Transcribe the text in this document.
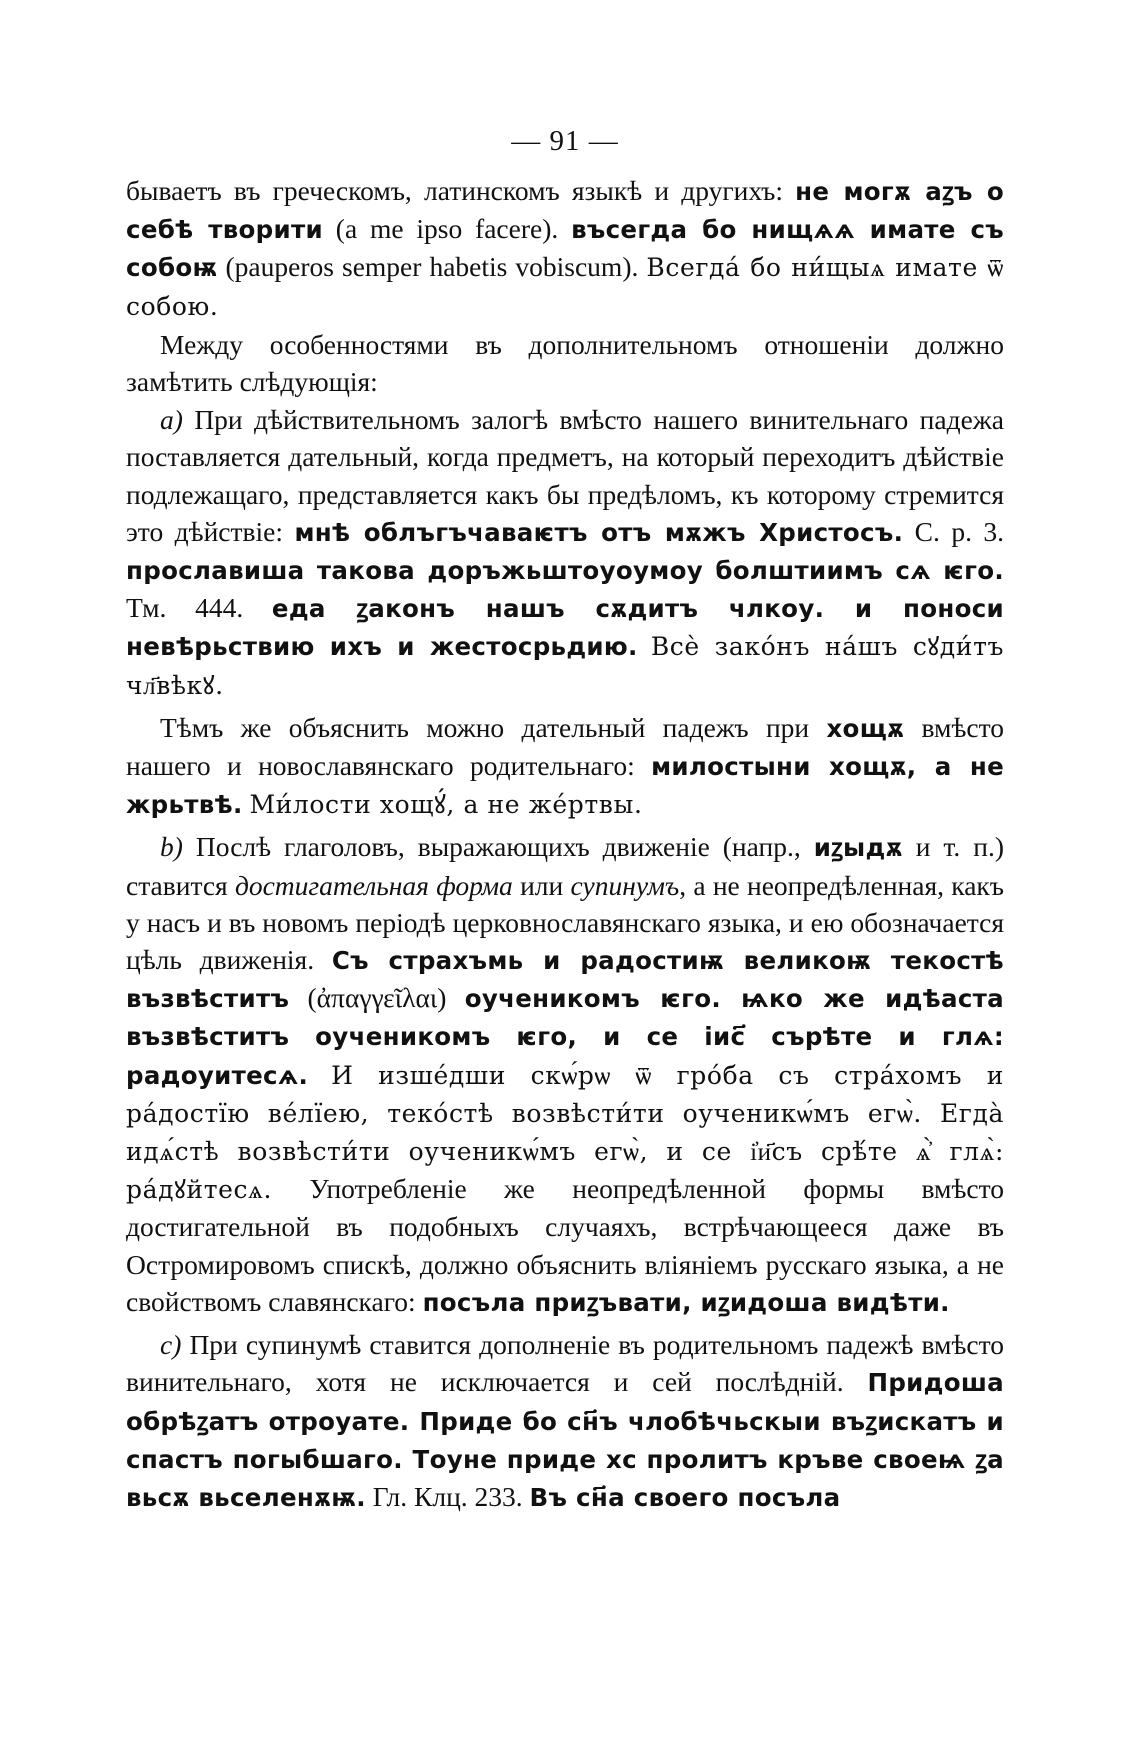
— 91 —

бываетъ въ греческомъ, латинскомъ языкѣ и другихъ: не могѫ аꙁъ о себѣ творити (a me ipso facere). въсегда бо нищѧѧ имате съ собоѭ (pauperos semper habetis vobiscum). Всегда́ бо ни́щыѧ имате ѿ собою.

Между особенностями въ дополнительномъ отношеніи должно замѣтить слѣдующія:

a) При дѣйствительномъ залогѣ вмѣсто нашего винительнаго падежа поставляется дательный, когда предметъ, на который переходитъ дѣйствіе подлежащаго, представляется какъ бы предѣломъ, къ которому стремится это дѣйствіе: мнѣ облъгъчаваѥтъ отъ мѫжъ Христосъ. С. р. 3. прославиша такова доръжьштоуоумоу болштиимъ сѧ ѥго. Тм. 444. еда ꙁаконъ нашъ сѫдитъ члкоу. и поноси невѣрьствию ихъ и жестосрьдию. Всѐ зако́нъ на́шъ сꙋди́тъ чл҃вѣкꙋ.

Тѣмъ же объяснить можно дательный падежъ при хощѫ вмѣсто нашего и новославянскаго родительнаго: милостыни хощѫ, а не жрьтвѣ. Ми́лости хощꙋ́, а не же́ртвы.

b) Послѣ глаголовъ, выражающихъ движеніе (напр., иꙁыдѫ и т. п.) ставится достигательная форма или супинумъ, а не неопредѣленная, какъ у насъ и въ новомъ періодѣ церковнославянскаго языка, и ею обозначается цѣль движенія. Съ страхъмь и радостиѭ великоѭ текостѣ възвѣститъ (ἀπαγγεῖλαι) оученикомъ ѥго. ѩко же идѣаста възвѣститъ оученикомъ ѥго, и се іис҃ сърѣте и глѧ: радоуитесѧ. И изше́дши скѡ́рѡ ѿ гро́ба съ стра́хомъ и ра́достїю ве́лїею, теко́стѣ возвѣсти́ти оученикѡ́мъ егѡ̀. Егда̀ идѧ́стѣ возвѣсти́ти оученикѡ́мъ егѡ̀, и се і҆и҃съ срѣ́те ѧ҆̀ глѧ̀: ра́дꙋйтесѧ. Употребленіе же неопредѣленной формы вмѣсто достигательной въ подобныхъ случаяхъ, встрѣчающееся даже въ Остромировомъ спискѣ, должно объяснить вліяніемъ русскаго языка, а не свойствомъ славянскаго: посъла приꙁъвати, иꙁидоша видѣти.

c) При супинумѣ ставится дополненіе въ родительномъ падежѣ вмѣсто винительнаго, хотя не исключается и сей послѣдній. Придоша обрѣꙁатъ отроуате. Приде бо сн҃ъ члобѣчьскыи въꙁискатъ и спастъ погыбшаго. Тоуне приде хс пролитъ кръве своеѩ ꙁа вьсѫ вьселенѫѭ. Гл. Клц. 233. Въ сн҃а своего посъла
